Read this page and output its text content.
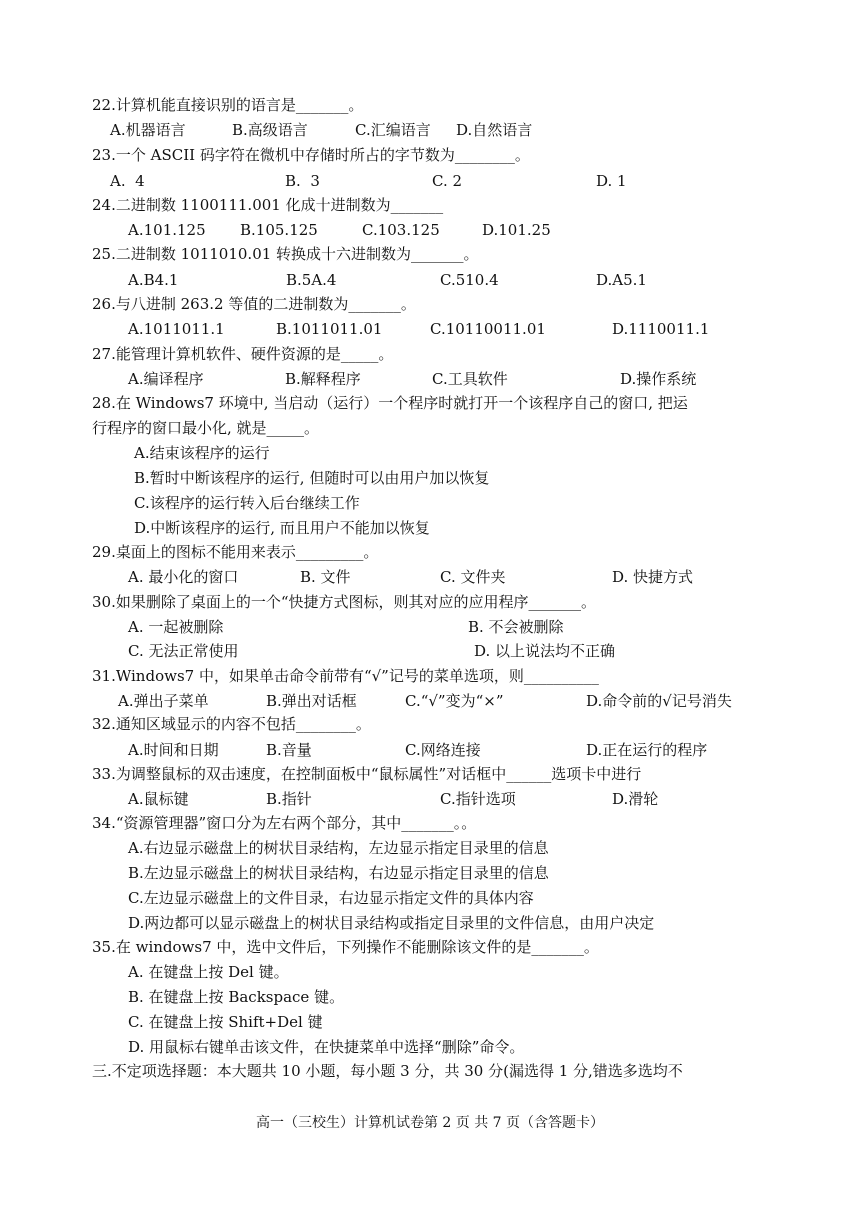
22.计算机能直接识别的语言是_______。
A.机器语言	B.高级语言	C.汇编语言 D.自然语言
23.一个 ASCII 码字符在微机中存储时所占的字节数为________。
A.  4	B.  3	C. 2	D. 1
24.二进制数 1100111.001 化成十进制数为_______
A.101.125 B.105.125	C.103.125	D.101.25
25.二进制数 1011010.01 转换成十六进制数为_______。
A.B4.1	B.5A.4	C.510.4	D.A5.1
26.与八进制 263.2 等值的二进制数为_______。
A.1011011.1	B.1011011.01	C.10110011.01	D.1110011.1
27.能管理计算机软件、硬件资源的是_____。
A.编译程序	B.解释程序	C.工具软件	D.操作系统
28.在 Windows7 环境中, 当启动（运行）一个程序时就打开一个该程序自己的窗口, 把运
行程序的窗口最小化, 就是_____。
A.结束该程序的运行
B.暂时中断该程序的运行, 但随时可以由用户加以恢复
C.该程序的运行转入后台继续工作
D.中断该程序的运行, 而且用户不能加以恢复
29.桌面上的图标不能用来表示_________。
A. 最小化的窗口	B. 文件	C. 文件夹	D. 快捷方式
30.如果删除了桌面上的一个“快捷方式图标，则其对应的应用程序_______。
A. 一起被删除	B. 不会被删除
C. 无法正常使用	D. 以上说法均不正确
31.Windows7 中，如果单击命令前带有“√”记号的菜单选项，则__________
A.弹出子菜单	B.弹出对话框	C.“√”变为“×”	D.命令前的√记号消失
32.通知区域显示的内容不包括________。
A.时间和日期	B.音量	C.网络连接	D.正在运行的程序
33.为调整鼠标的双击速度，在控制面板中“鼠标属性”对话框中______选项卡中进行
A.鼠标键	B.指针	C.指针选项	D.滑轮
34.“资源管理器”窗口分为左右两个部分，其中_______。。
A.右边显示磁盘上的树状目录结构，左边显示指定目录里的信息
B.左边显示磁盘上的树状目录结构，右边显示指定目录里的信息
C.左边显示磁盘上的文件目录，右边显示指定文件的具体内容
D.两边都可以显示磁盘上的树状目录结构或指定目录里的文件信息，由用户决定
35.在 windows7 中，选中文件后，下列操作不能删除该文件的是_______。
A. 在键盘上按 Del 键。
B. 在键盘上按 Backspace 键。
C. 在键盘上按 Shift+Del 键
D. 用鼠标右键单击该文件，在快捷菜单中选择“删除”命令。
三.不定项选择题：本大题共 10 小题，每小题 3 分，共 30 分(漏选得 1 分,错选多选均不
高一（三校生）计算机试卷第 2 页 共 7 页（含答题卡）
